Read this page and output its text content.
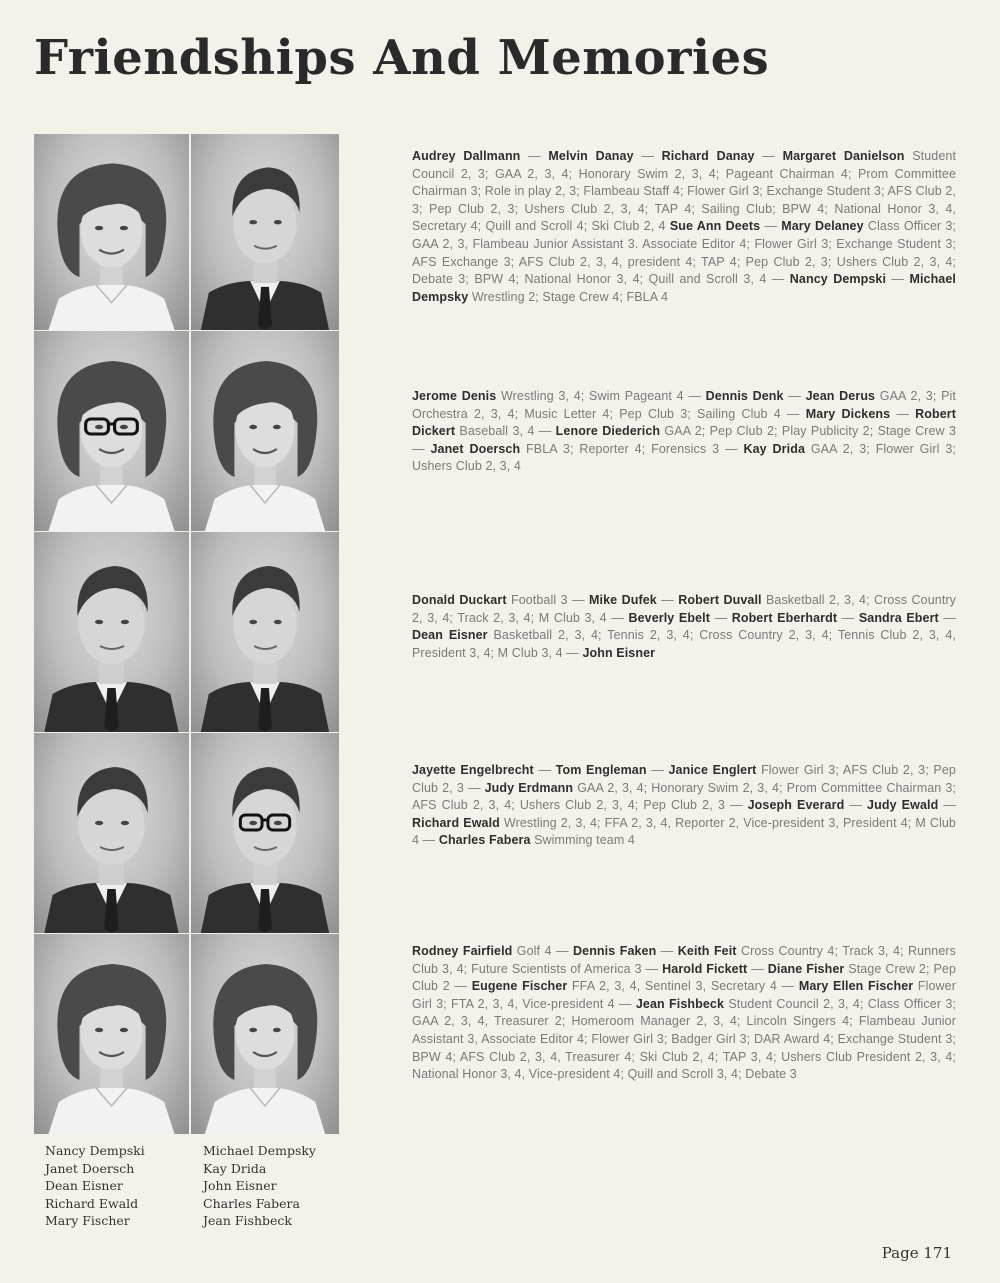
Friendships And Memories
Audrey Dallmann — Melvin Danay — Richard Danay — Margaret Danielson Student Council 2, 3; GAA 2, 3, 4; Honorary Swim 2, 3, 4; Pageant Chairman 4; Prom Committee Chairman 3; Role in play 2, 3; Flambeau Staff 4; Flower Girl 3; Exchange Student 3; AFS Club 2, 3; Pep Club 2, 3; Ushers Club 2, 3, 4; TAP 4; Sailing Club; BPW 4; National Honor 3, 4, Secretary 4; Quill and Scroll 4; Ski Club 2, 4 Sue Ann Deets — Mary Delaney Class Officer 3; GAA 2, 3, Flambeau Junior Assistant 3. Associate Editor 4; Flower Girl 3; Exchange Student 3; AFS Exchange 3; AFS Club 2, 3, 4, president 4; TAP 4; Pep Club 2, 3; Ushers Club 2, 3, 4; Debate 3; BPW 4; National Honor 3, 4; Quill and Scroll 3, 4 — Nancy Dempski — Michael Dempsky Wrestling 2; Stage Crew 4; FBLA 4
Jerome Denis Wrestling 3, 4; Swim Pageant 4 — Dennis Denk — Jean Derus GAA 2, 3; Pit Orchestra 2, 3, 4; Music Letter 4; Pep Club 3; Sailing Club 4 — Mary Dickens — Robert Dickert Baseball 3, 4 — Lenore Diederich GAA 2; Pep Club 2; Play Publicity 2; Stage Crew 3 — Janet Doersch FBLA 3; Reporter 4; Forensics 3 — Kay Drida GAA 2, 3; Flower Girl 3; Ushers Club 2, 3, 4
Donald Duckart Football 3 — Mike Dufek — Robert Duvall Basketball 2, 3, 4; Cross Country 2, 3, 4; Track 2, 3, 4; M Club 3, 4 — Beverly Ebelt — Robert Eberhardt — Sandra Ebert — Dean Eisner Basketball 2, 3, 4; Tennis 2, 3, 4; Cross Country 2, 3, 4; Tennis Club 2, 3, 4, President 3, 4; M Club 3, 4 — John Eisner
Jayette Engelbrecht — Tom Engleman — Janice Englert Flower Girl 3; AFS Club 2, 3; Pep Club 2, 3 — Judy Erdmann GAA 2, 3, 4; Honorary Swim 2, 3, 4; Prom Committee Chairman 3; AFS Club 2, 3, 4; Ushers Club 2, 3, 4; Pep Club 2, 3 — Joseph Everard — Judy Ewald — Richard Ewald Wrestling 2, 3, 4; FFA 2, 3, 4, Reporter 2, Vice-president 3, President 4; M Club 4 — Charles Fabera Swimming team 4
Rodney Fairfield Golf 4 — Dennis Faken — Keith Feit Cross Country 4; Track 3, 4; Runners Club 3, 4; Future Scientists of America 3 — Harold Fickett — Diane Fisher Stage Crew 2; Pep Club 2 — Eugene Fischer FFA 2, 3, 4, Sentinel 3, Secretary 4 — Mary Ellen Fischer Flower Girl 3; FTA 2, 3, 4, Vice-president 4 — Jean Fishbeck Student Council 2, 3, 4; Class Officer 3; GAA 2, 3, 4, Treasurer 2; Homeroom Manager 2, 3, 4; Lincoln Singers 4; Flambeau Junior Assistant 3, Associate Editor 4; Flower Girl 3; Badger Girl 3; DAR Award 4; Exchange Student 3; BPW 4; AFS Club 2, 3, 4, Treasurer 4; Ski Club 2, 4; TAP 3, 4; Ushers Club President 2, 3, 4; National Honor 3, 4, Vice-president 4; Quill and Scroll 3, 4; Debate 3
Nancy Dempski	Michael Dempsky
Janet Doersch	Kay Drida
Dean Eisner	John Eisner
Richard Ewald	Charles Fabera
Mary Fischer	Jean Fishbeck
Page 171
